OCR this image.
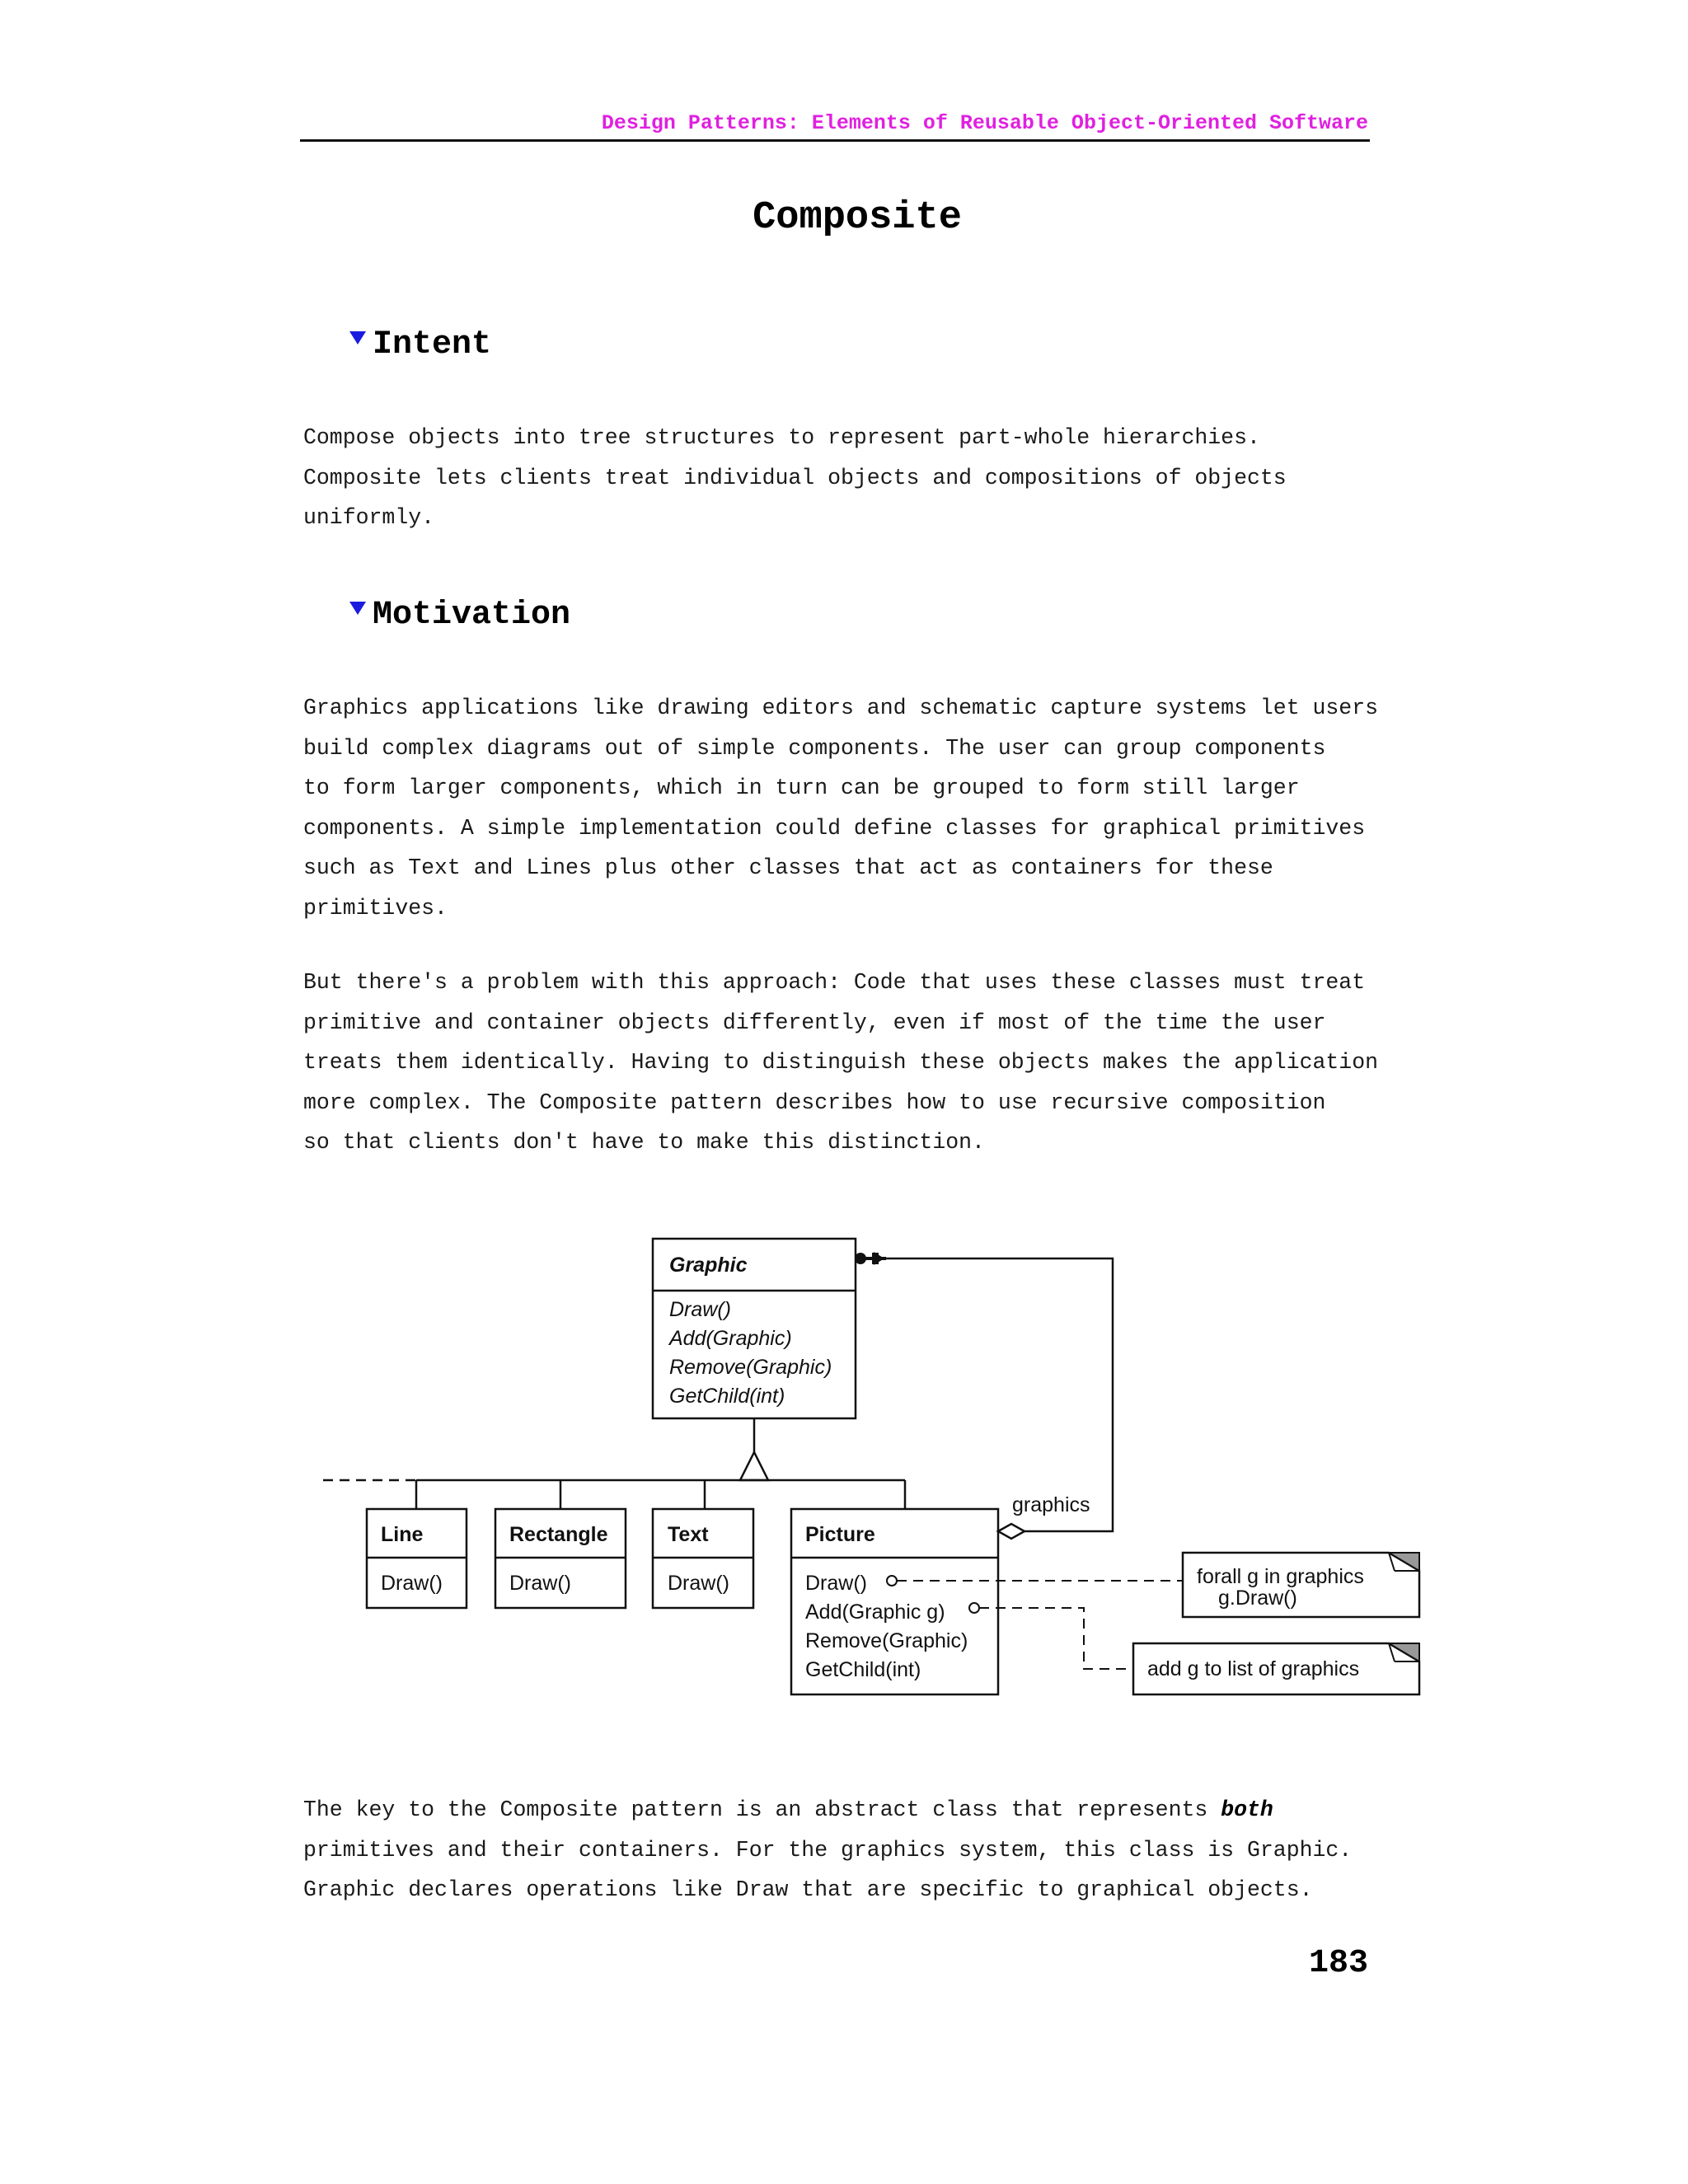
Design Patterns: Elements of Reusable Object-Oriented Software
Composite
Intent

Compose objects into tree structures to represent part-whole hierarchies.
Composite lets clients treat individual objects and compositions of objects
uniformly.

Motivation

Graphics applications like drawing editors and schematic capture systems let users
build complex diagrams out of simple components. The user can group components
to form larger components, which in turn can be grouped to form still larger
components. A simple implementation could define classes for graphical primitives
such as Text and Lines plus other classes that act as containers for these
primitives.

But there's a problem with this approach: Code that uses these classes must treat
primitive and container objects differently, even if most of the time the user
treats them identically. Having to distinguish these objects makes the application
more complex. The Composite pattern describes how to use recursive composition
so that clients don't have to make this distinction.

Graphic
Draw()
Add(Graphic)
Remove(Graphic)
GetChild(int)
Line
Draw()
Rectangle
Draw()
Text
Draw()
Picture
Draw()
Add(Graphic g)
Remove(Graphic)
GetChild(int)
graphics
forall g in graphics
g.Draw()
add g to list of graphics

The key to the Composite pattern is an abstract class that represents both
primitives and their containers. For the graphics system, this class is Graphic.
Graphic declares operations like Draw that are specific to graphical objects.

183
